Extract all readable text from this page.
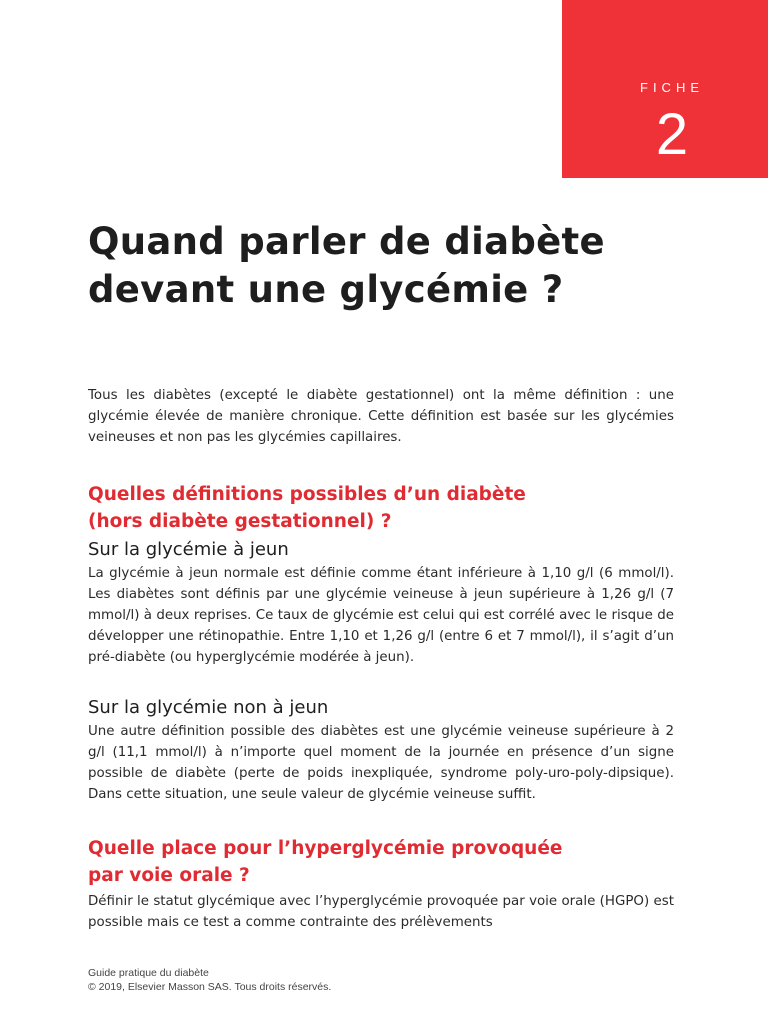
FICHE
2
Quand parler de diabète
devant une glycémie ?

Tous les diabètes (excepté le diabète gestationnel) ont la même définition : une glycémie élevée de manière chronique. Cette définition est basée sur les glycémies veineuses et non pas les glycémies capillaires.

Quelles définitions possibles d’un diabète
(hors diabète gestationnel) ?
Sur la glycémie à jeun

La glycémie à jeun normale est définie comme étant inférieure à 1,10 g/l (6 mmol/l). Les diabètes sont définis par une glycémie veineuse à jeun supérieure à 1,26 g/l (7 mmol/l) à deux reprises. Ce taux de glycémie est celui qui est corrélé avec le risque de développer une rétinopathie. Entre 1,10 et 1,26 g/l (entre 6 et 7 mmol/l), il s’agit d’un pré-diabète (ou hyperglycémie modérée à jeun).

Sur la glycémie non à jeun

Une autre définition possible des diabètes est une glycémie veineuse supérieure à 2 g/l (11,1 mmol/l) à n’importe quel moment de la journée en présence d’un signe possible de diabète (perte de poids inexpliquée, syndrome poly-uro-poly-dipsique). Dans cette situation, une seule valeur de glycémie veineuse suffit.

Quelle place pour l’hyperglycémie provoquée
par voie orale ?

Définir le statut glycémique avec l’hyperglycémie provoquée par voie orale (HGPO) est possible mais ce test a comme contrainte des prélèvements

Guide pratique du diabète
© 2019, Elsevier Masson SAS. Tous droits réservés.
